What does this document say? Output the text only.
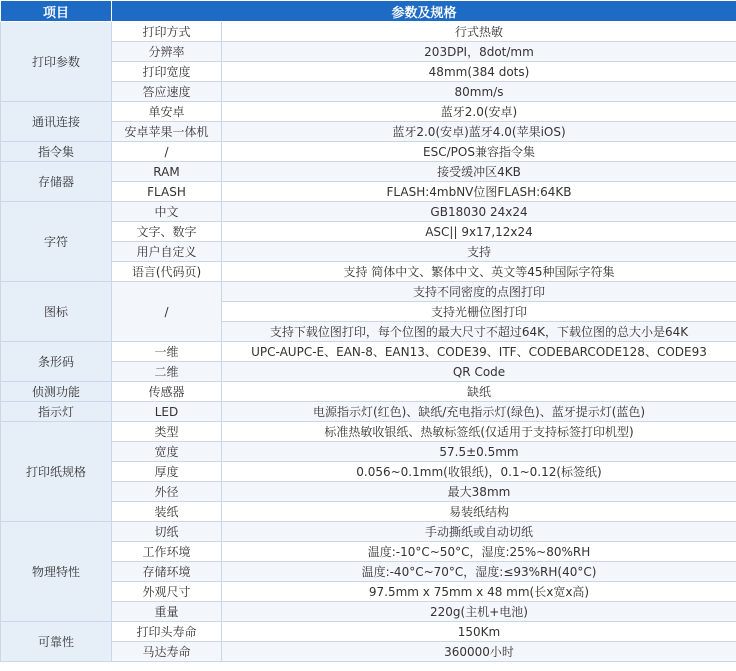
项目	参数及规格	
打印参数	打印方式	行式热敏
	分辨率	203DPI，8dot/mm
	打印宽度	48mm(384 dots)
	答应速度	80mm/s
通讯连接	单安卓	蓝牙2.0(安卓)
	安卓苹果一体机	蓝牙2.0(安卓)蓝牙4.0(苹果iOS)
指令集	/	ESC/POS兼容指令集
存储器	RAM	接受缓冲区4KB
	FLASH	FLASH:4mbNV位图FLASH:64KB
字符	中文	GB18030 24x24
	文字、数字	ASC|| 9x17,12x24
	用户自定义	支持
	语言(代码页)	支持 简体中文、繁体中文、英文等45种国际字符集
图标	/	支持不同密度的点图打印
		支持光栅位图打印
		支持下载位图打印，每个位图的最大尺寸不超过64K，下载位图的总大小是64K
条形码	一维	UPC-AUPC-E、EAN-8、EAN13、CODE39、ITF、CODEBARCODE128、CODE93
	二维	QR Code
侦测功能	传感器	缺纸
指示灯	LED	电源指示灯(红色)、缺纸/充电指示灯(绿色)、蓝牙提示灯(蓝色)
打印纸规格	类型	标准热敏收银纸、热敏标签纸(仅适用于支持标签打印机型)
	宽度	57.5±0.5mm
	厚度	0.056~0.1mm(收银纸)，0.1~0.12(标签纸)
	外径	最大38mm
	装纸	易装纸结构
物理特性	切纸	手动撕纸或自动切纸
	工作环境	温度:-10°C~50°C，湿度:25%~80%RH
	存储环境	温度:-40°C~70°C，湿度:≤93%RH(40°C)
	外观尺寸	97.5mm x 75mm x 48 mm(长x宽x高)
	重量	220g(主机+电池)
可靠性	打印头寿命	150Km
	马达寿命	360000小时
